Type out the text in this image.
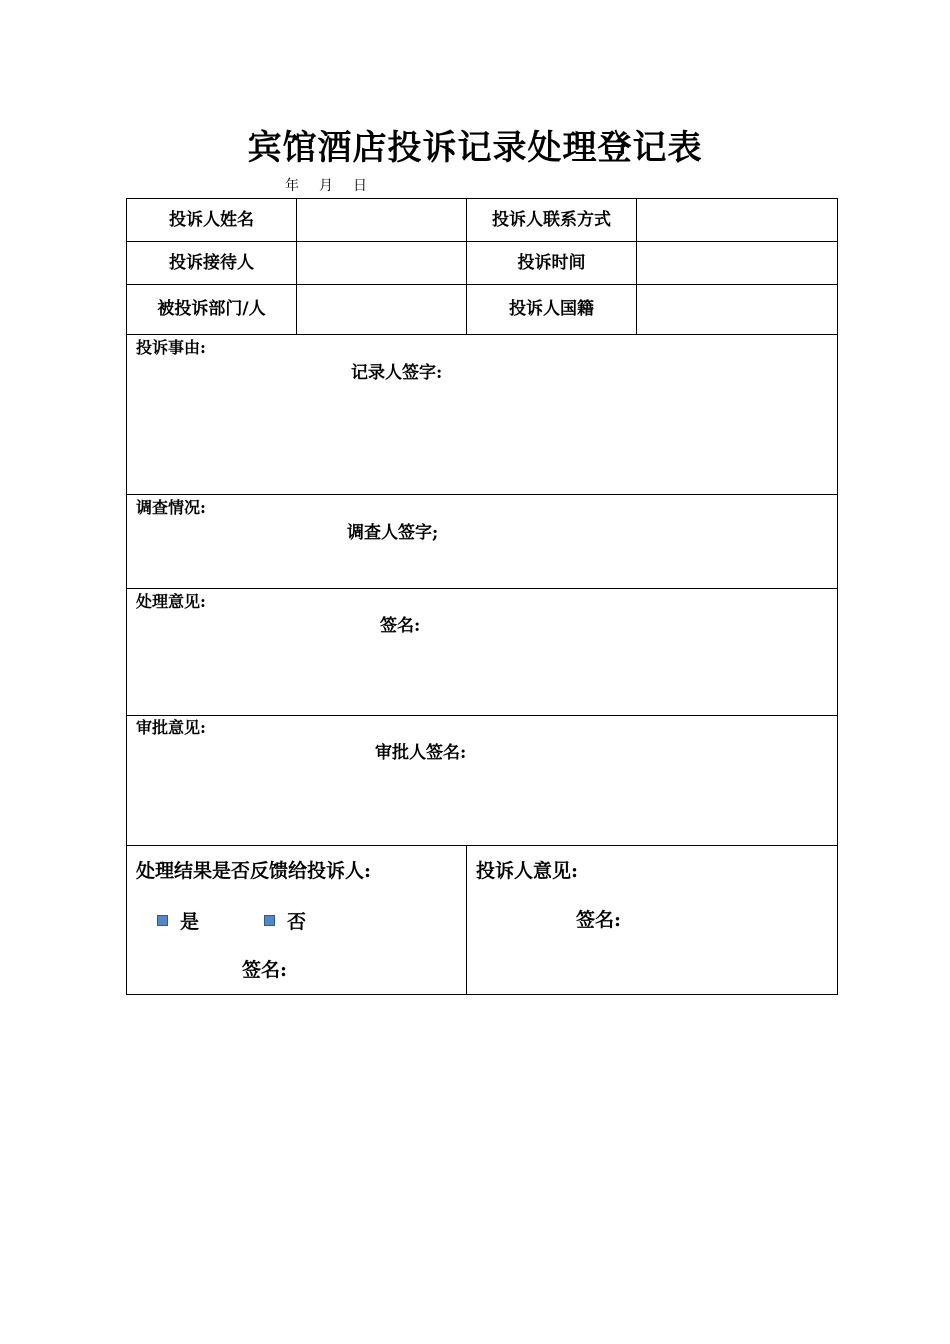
宾馆酒店投诉记录处理登记表
年 月 日
投诉人姓名	投诉人联系方式
投诉接待人	投诉时间
被投诉部门/人	投诉人国籍
投诉事由:
记录人签字:
调查情况:
调查人签字;
处理意见:
签名:
审批意见:
审批人签名:
处理结果是否反馈给投诉人:
是	否
签名:
投诉人意见:
签名:
